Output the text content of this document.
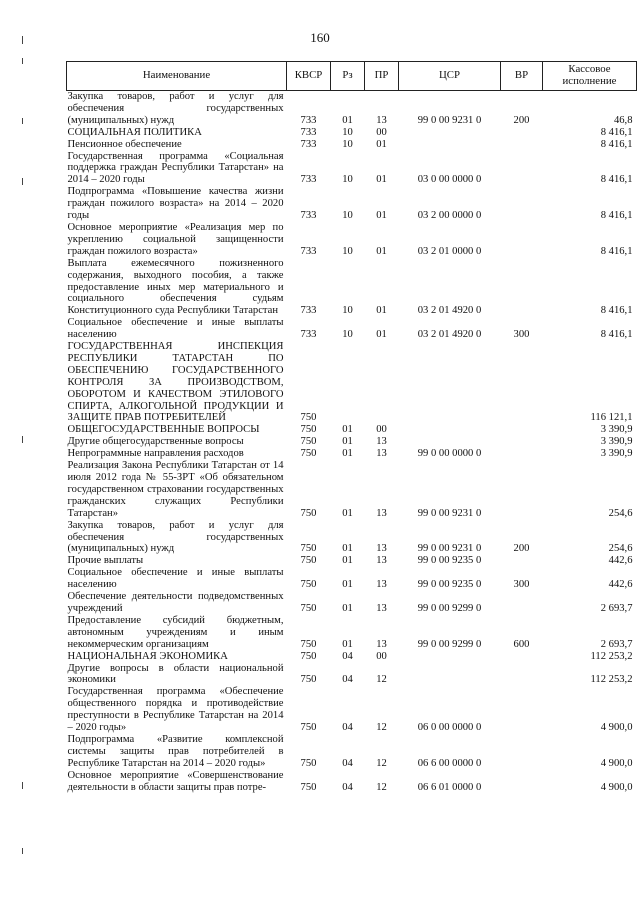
160
Наименование	КВСР	Рз	ПР	ЦСР	ВР	Кассовое исполнение
Закупка товаров, работ и услуг для обеспечения государственных (муниципальных) нужд	733	01	13	99 0 00 9231 0	200	46,8
СОЦИАЛЬНАЯ ПОЛИТИКА	733	10	00			8 416,1
Пенсионное обеспечение	733	10	01			8 416,1
Государственная программа «Социальная поддержка граждан Республики Татарстан» на 2014 – 2020 годы	733	10	01	03 0 00 0000 0		8 416,1
Подпрограмма «Повышение качества жизни граждан пожилого возраста» на 2014 – 2020 годы	733	10	01	03 2 00 0000 0		8 416,1
Основное мероприятие «Реализация мер по укреплению социальной защищенности граждан пожилого возраста»	733	10	01	03 2 01 0000 0		8 416,1
Выплата ежемесячного пожизненного содержания, выходного пособия, а также предоставление иных мер материального и социального обеспечения судьям Конституционного суда Республики Татарстан	733	10	01	03 2 01 4920 0		8 416,1
Социальное обеспечение и иные выплаты населению	733	10	01	03 2 01 4920 0	300	8 416,1
ГОСУДАРСТВЕННАЯ ИНСПЕКЦИЯ РЕСПУБЛИКИ ТАТАРСТАН ПО ОБЕСПЕЧЕНИЮ ГОСУДАРСТВЕННОГО КОНТРОЛЯ ЗА ПРОИЗВОДСТВОМ, ОБОРОТОМ И КАЧЕСТВОМ ЭТИЛОВОГО СПИРТА, АЛКОГОЛЬНОЙ ПРОДУКЦИИ И ЗАЩИТЕ ПРАВ ПОТРЕБИТЕЛЕЙ	750					116 121,1
ОБЩЕГОСУДАРСТВЕННЫЕ ВОПРОСЫ	750	01	00			3 390,9
Другие общегосударственные вопросы	750	01	13			3 390,9
Непрограммные направления расходов	750	01	13	99 0 00 0000 0		3 390,9
Реализация Закона Республики Татарстан от 14 июля 2012 года № 55-ЗРТ «Об обязательном государственном страховании государственных гражданских служащих Республики Татарстан»	750	01	13	99 0 00 9231 0		254,6
Закупка товаров, работ и услуг для обеспечения государственных (муниципальных) нужд	750	01	13	99 0 00 9231 0	200	254,6
Прочие выплаты	750	01	13	99 0 00 9235 0		442,6
Социальное обеспечение и иные выплаты населению	750	01	13	99 0 00 9235 0	300	442,6
Обеспечение деятельности подведомственных учреждений	750	01	13	99 0 00 9299 0		2 693,7
Предоставление субсидий бюджетным, автономным учреждениям и иным некоммерческим организациям	750	01	13	99 0 00 9299 0	600	2 693,7
НАЦИОНАЛЬНАЯ ЭКОНОМИКА	750	04	00			112 253,2
Другие вопросы в области национальной экономики	750	04	12			112 253,2
Государственная программа «Обеспечение общественного порядка и противодействие преступности в Республике Татарстан на 2014 – 2020 годы»	750	04	12	06 0 00 0000 0		4 900,0
Подпрограмма «Развитие комплексной системы защиты прав потребителей в Республике Татарстан на 2014 – 2020 годы»	750	04	12	06 6 00 0000 0		4 900,0
Основное мероприятие «Совершенствование деятельности в области защиты прав потре-	750	04	12	06 6 01 0000 0		4 900,0
